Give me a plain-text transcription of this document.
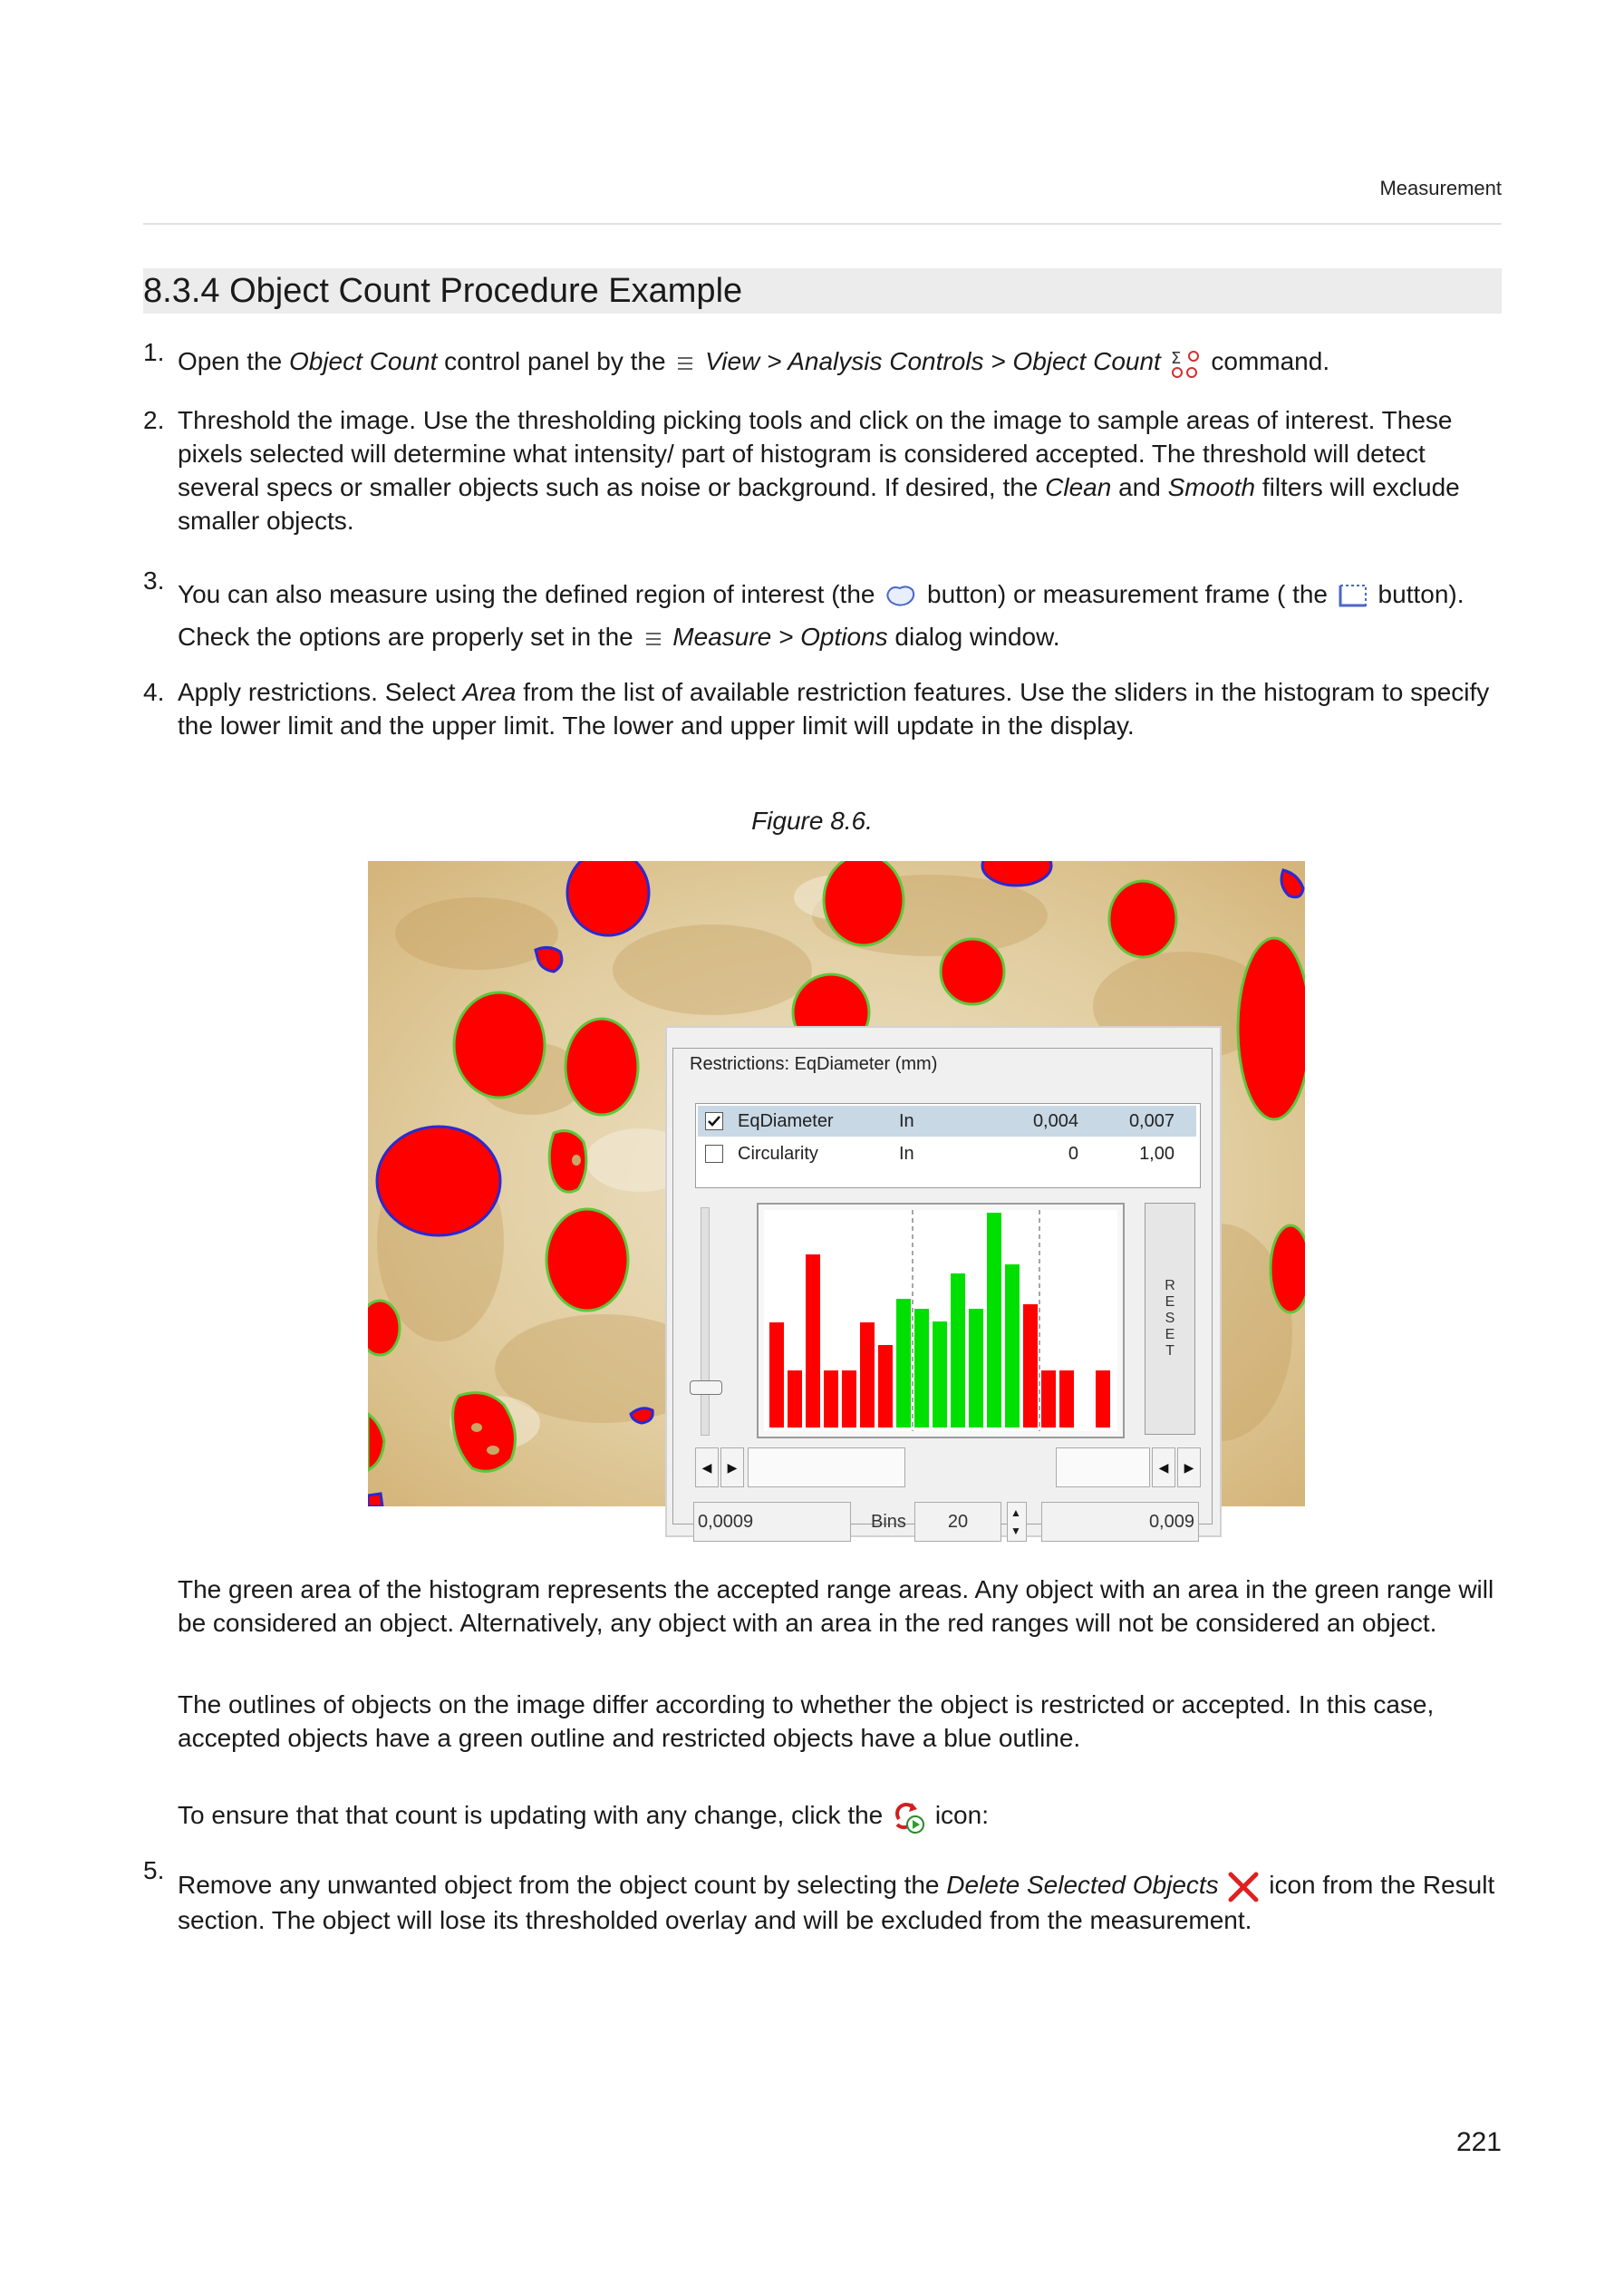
Measurement
8.3.4 Object Count Procedure Example
1. Open the Object Count control panel by the  View > Analysis Controls > Object Count Σ command.
2. Threshold the image. Use the thresholding picking tools and click on the image to sample areas of interest. These pixels selected will determine what intensity/ part of histogram is considered accepted. The threshold will detect several specs or smaller objects such as noise or background. If desired, the Clean and Smooth filters will exclude smaller objects.
3. You can also measure using the defined region of interest (the  button) or measurement frame ( the  button). Check the options are properly set in the  Measure > Options dialog window.
4. Apply restrictions. Select Area from the list of available restriction features. Use the sliders in the histogram to specify the lower limit and the upper limit. The lower and upper limit will update in the display.
Figure 8.6.
Restrictions: EqDiameter (mm)
EqDiameter	In	0,004	0,007
Circularity	In	0	1,00
RESET
◀	▶	◀	▶
0,0009	Bins	20	▲
▼	0,009
The green area of the histogram represents the accepted range areas. Any object with an area in the green range will be considered an object. Alternatively, any object with an area in the red ranges will not be considered an object.
The outlines of objects on the image differ according to whether the object is restricted or accepted. In this case, accepted objects have a green outline and restricted objects have a blue outline.
To ensure that that count is updating with any change, click the  icon:
5.
Remove any unwanted object from the object count by selecting the Delete Selected Objects  icon from the Result section. The object will lose its thresholded overlay and will be excluded from the measurement.
221
